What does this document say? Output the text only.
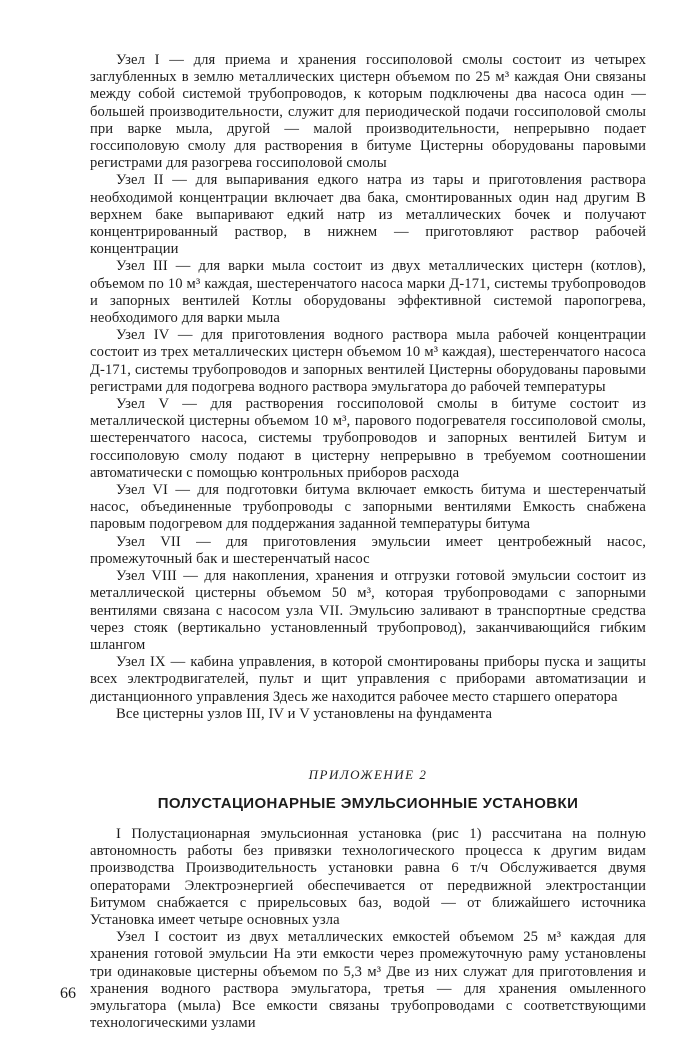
Узел I — для приема и хранения госсиполовой смолы состоит из четырех заглубленных в землю металлических цистерн объемом по 25 м³ каждая Они связаны между собой системой трубопроводов, к которым подключены два насоса один — большей производительности, служит для периодической подачи госсиполовой смолы при варке мыла, другой — малой производительности, непрерывно подает госсиполовую смолу для растворения в битуме Цистерны оборудованы паровыми регистрами для разогрева госсиполовой смолы

Узел II — для выпаривания едкого натра из тары и приготовления раствора необходимой концентрации включает два бака, смонтированных один над другим В верхнем баке выпаривают едкий натр из металлических бочек и получают концентрированный раствор, в нижнем — приготовляют раствор рабочей концентрации

Узел III — для варки мыла состоит из двух металлических цистерн (котлов), объемом по 10 м³ каждая, шестеренчатого насоса марки Д-171, системы трубопроводов и запорных вентилей Котлы оборудованы эффективной системой паропогрева, необходимого для варки мыла

Узел IV — для приготовления водного раствора мыла рабочей концентрации состоит из трех металлических цистерн объемом 10 м³ каждая), шестеренчатого насоса Д-171, системы трубопроводов и запорных вентилей Цистерны оборудованы паровыми регистрами для подогрева водного раствора эмульгатора до рабочей температуры

Узел V — для растворения госсиполовой смолы в битуме состоит из металлической цистерны объемом 10 м³, парового подогревателя госсиполовой смолы, шестеренчатого насоса, системы трубопроводов и запорных вентилей Битум и госсиполовую смолу подают в цистерну непрерывно в требуемом соотношении автоматически с помощью контрольных приборов расхода

Узел VI — для подготовки битума включает емкость битума и шестеренчатый насос, объединенные трубопроводы с запорными вентилями Емкость снабжена паровым подогревом для поддержания заданной температуры битума

Узел VII — для приготовления эмульсии имеет центробежный насос, промежуточный бак и шестеренчатый насос

Узел VIII — для накопления, хранения и отгрузки готовой эмульсии состоит из металлической цистерны объемом 50 м³, которая трубопроводами с запорными вентилями связана с насосом узла VII. Эмульсию заливают в транспортные средства через стояк (вертикально установленный трубопровод), заканчивающийся гибким шлангом

Узел IX — кабина управления, в которой смонтированы приборы пуска и защиты всех электродвигателей, пульт и щит управления с приборами автоматизации и дистанционного управления Здесь же находится рабочее место старшего оператора

Все цистерны узлов III, IV и V установлены на фундамента

ПРИЛОЖЕНИЕ 2
ПОЛУСТАЦИОНАРНЫЕ ЭМУЛЬСИОННЫЕ УСТАНОВКИ

I Полустационарная эмульсионная установка (рис 1) рассчитана на полную автономность работы без привязки технологического процесса к другим видам производства Производительность установки равна 6 т/ч Обслуживается двумя операторами Электроэнергией обеспечивается от передвижной электростанции Битумом снабжается с прирельсовых баз, водой — от ближайшего источника Установка имеет четыре основных узла

Узел I состоит из двух металлических емкостей объемом 25 м³ каждая для хранения готовой эмульсии На эти емкости через промежуточную раму установлены три одинаковые цистерны объемом по 5,3 м³ Две из них служат для приготовления и хранения водного раствора эмульгатора, третья — для хранения омыленного эмульгатора (мыла) Все емкости связаны трубопроводами с соответствующими технологическими узлами

66
